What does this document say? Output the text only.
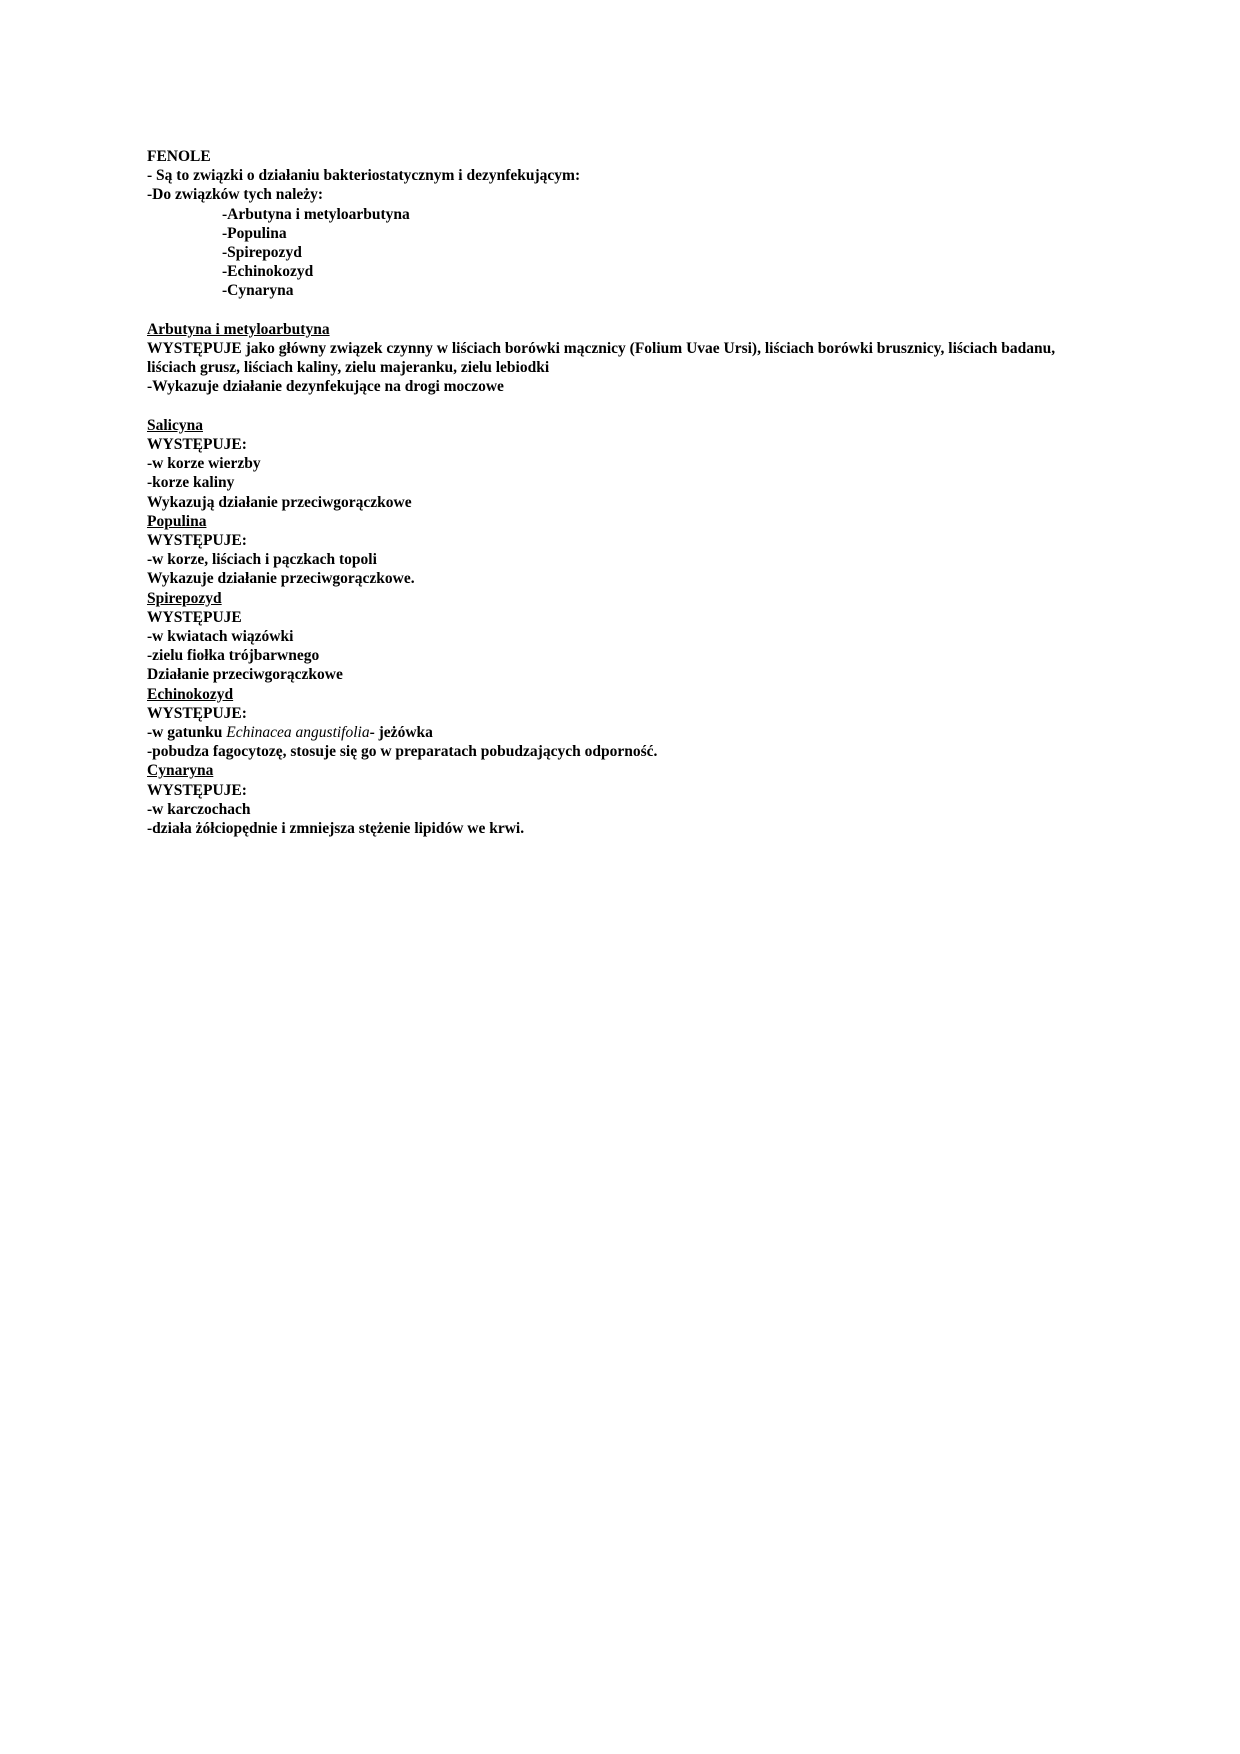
FENOLE
- Są to związki o działaniu bakteriostatycznym i dezynfekującym:
-Do związków tych należy:
-Arbutyna i metyloarbutyna
-Populina
-Spirepozyd
-Echinokozyd
-Cynaryna
Arbutyna i metyloarbutyna
WYSTĘPUJE jako główny związek czynny w liściach borówki mącznicy (Folium Uvae Ursi), liściach borówki brusznicy, liściach badanu, liściach grusz, liściach kaliny, zielu majeranku, zielu lebiodki
-Wykazuje działanie dezynfekujące na drogi moczowe
Salicyna
WYSTĘPUJE:
-w korze wierzby
-korze kaliny
Wykazują działanie przeciwgorączkowe
Populina
WYSTĘPUJE:
-w korze, liściach i pączkach topoli
Wykazuje działanie przeciwgorączkowe.
Spirepozyd
WYSTĘPUJE
-w kwiatach wiązówki
-zielu fiołka trójbarwnego
Działanie przeciwgorączkowe
Echinokozyd
WYSTĘPUJE:
-w gatunku Echinacea angustifolia- jeżówka
-pobudza fagocytozę, stosuje się go w preparatach pobudzających odporność.
Cynaryna
WYSTĘPUJE:
-w karczochach
-działa żółciopędnie i zmniejsza stężenie lipidów we krwi.
